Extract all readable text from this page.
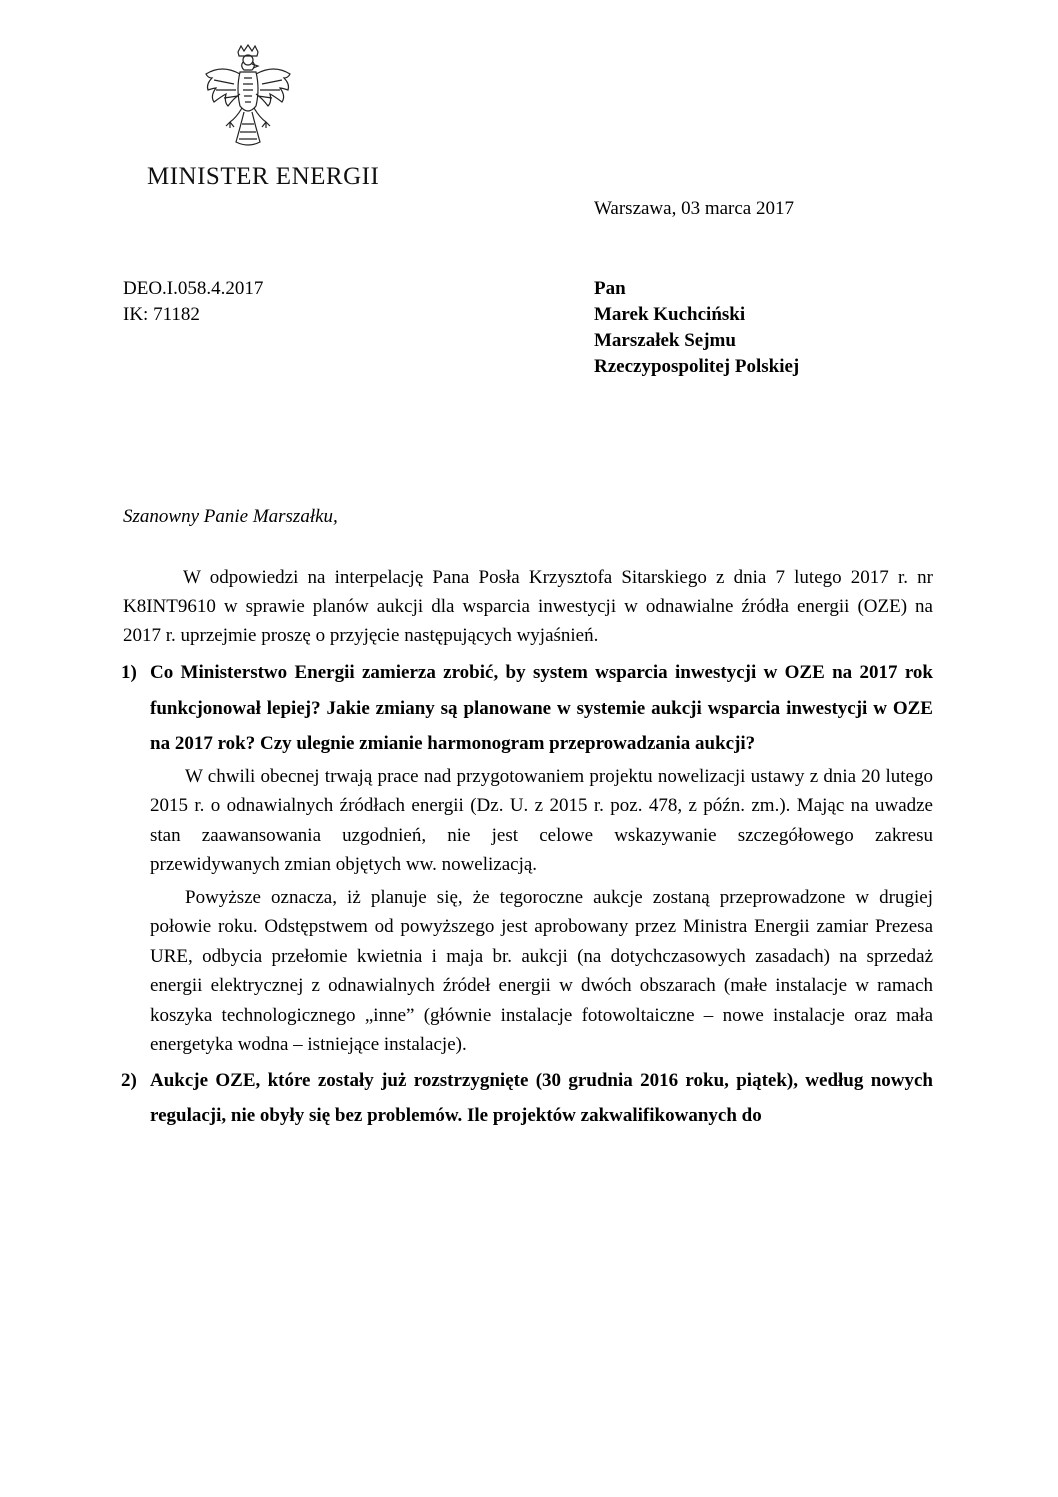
MINISTER ENERGII
Warszawa, 03 marca 2017
DEO.I.058.4.2017
IK: 71182
Pan
Marek Kuchciński
Marszałek Sejmu
Rzeczypospolitej Polskiej
Szanowny Panie Marszałku,

W odpowiedzi na interpelację Pana Posła Krzysztofa Sitarskiego z dnia 7 lutego 2017 r. nr K8INT9610 w sprawie planów aukcji dla wsparcia inwestycji w odnawialne źródła energii (OZE) na 2017 r. uprzejmie proszę o przyjęcie następujących wyjaśnień.

1) Co Ministerstwo Energii zamierza zrobić, by system wsparcia inwestycji w OZE na 2017 rok funkcjonował lepiej? Jakie zmiany są planowane w systemie aukcji wsparcia inwestycji w OZE na 2017 rok? Czy ulegnie zmianie harmonogram przeprowadzania aukcji?

W chwili obecnej trwają prace nad przygotowaniem projektu nowelizacji ustawy z dnia 20 lutego 2015 r. o odnawialnych źródłach energii (Dz. U. z 2015 r. poz. 478, z późn. zm.). Mając na uwadze stan zaawansowania uzgodnień, nie jest celowe wskazywanie szczegółowego zakresu przewidywanych zmian objętych ww. nowelizacją.

Powyższe oznacza, iż planuje się, że tegoroczne aukcje zostaną przeprowadzone w drugiej połowie roku. Odstępstwem od powyższego jest aprobowany przez Ministra Energii zamiar Prezesa URE, odbycia przełomie kwietnia i maja br. aukcji (na dotychczasowych zasadach) na sprzedaż energii elektrycznej z odnawialnych źródeł energii w dwóch obszarach (małe instalacje w ramach koszyka technologicznego „inne” (głównie instalacje fotowoltaiczne – nowe instalacje oraz mała energetyka wodna – istniejące instalacje).

2) Aukcje OZE, które zostały już rozstrzygnięte (30 grudnia 2016 roku, piątek), według nowych regulacji, nie obyły się bez problemów. Ile projektów zakwalifikowanych do
